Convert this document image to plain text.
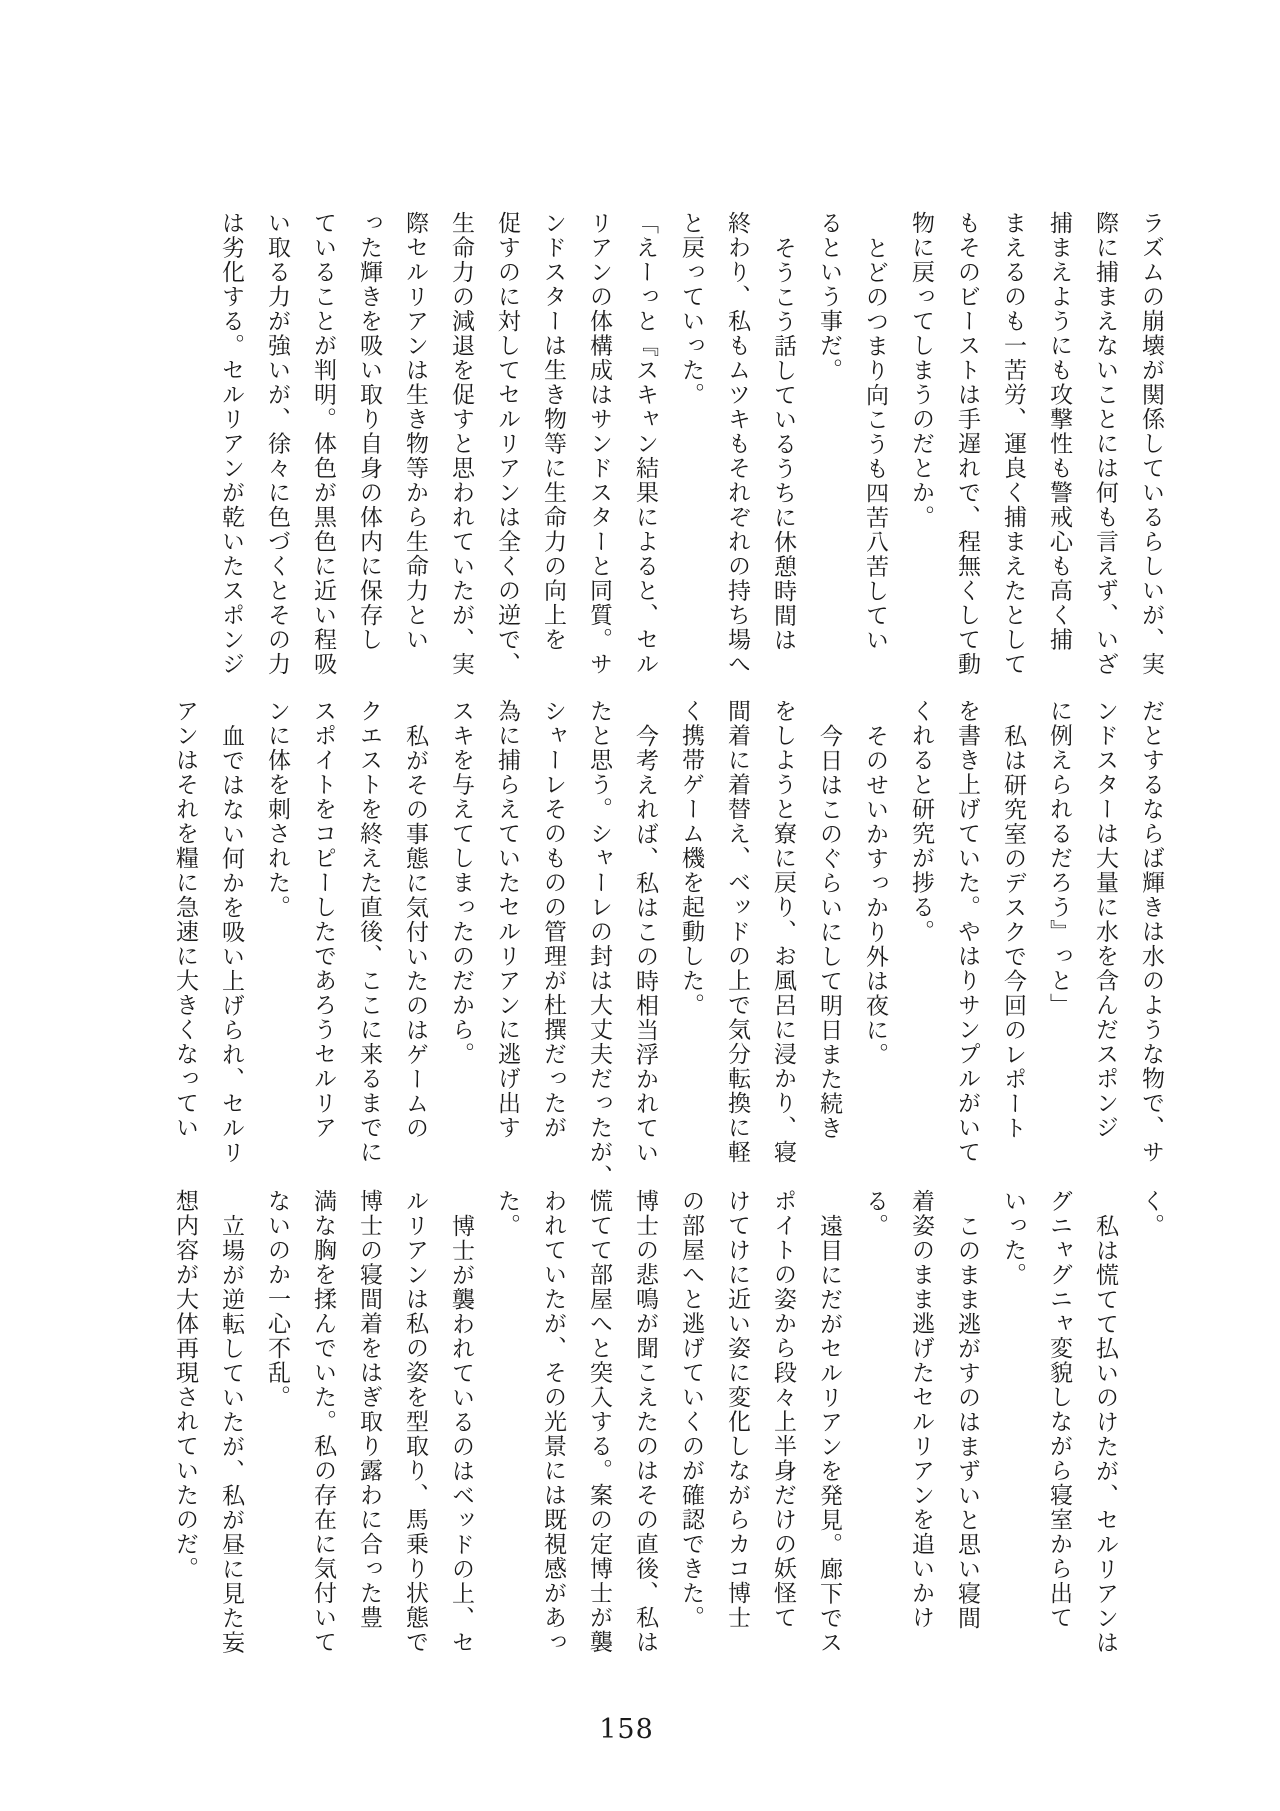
ラズムの崩壊が関係しているらしいが、実

際に捕まえないことには何も言えず、いざ

捕まえようにも攻撃性も警戒心も高く捕

まえるのも一苦労、運良く捕まえたとして

もそのビーストは手遅れで、程無くして動

物に戻ってしまうのだとか。

とどのつまり向こうも四苦八苦してい

るという事だ。

そうこう話しているうちに休憩時間は

終わり、私もムツキもそれぞれの持ち場へ

と戻っていった。

「えーっと『スキャン結果によると、セル

リアンの体構成はサンドスターと同質。サ

ンドスターは生き物等に生命力の向上を

促すのに対してセルリアンは全くの逆で、

生命力の減退を促すと思われていたが、実

際セルリアンは生き物等から生命力とい

った輝きを吸い取り自身の体内に保存し

ていることが判明。体色が黒色に近い程吸

い取る力が強いが、徐々に色づくとその力

は劣化する。セルリアンが乾いたスポンジ

だとするならば輝きは水のような物で、サ

ンドスターは大量に水を含んだスポンジ

に例えられるだろう』っと」

私は研究室のデスクで今回のレポート

を書き上げていた。やはりサンプルがいて

くれると研究が捗る。

そのせいかすっかり外は夜に。

今日はこのぐらいにして明日また続き

をしようと寮に戻り、お風呂に浸かり、寝

間着に着替え、ベッドの上で気分転換に軽

く携帯ゲーム機を起動した。

今考えれば、私はこの時相当浮かれてい

たと思う。シャーレの封は大丈夫だったが、

シャーレそのものの管理が杜撰だったが

為に捕らえていたセルリアンに逃げ出す

スキを与えてしまったのだから。

私がその事態に気付いたのはゲームの

クエストを終えた直後、ここに来るまでに

スポイトをコピーしたであろうセルリア

ンに体を刺された。

血ではない何かを吸い上げられ、セルリ

アンはそれを糧に急速に大きくなってい

く。

私は慌てて払いのけたが、セルリアンは

グニャグニャ変貌しながら寝室から出て

いった。

このまま逃がすのはまずいと思い寝間

着姿のまま逃げたセルリアンを追いかけ

る。

遠目にだがセルリアンを発見。廊下でス

ポイトの姿から段々上半身だけの妖怪て

けてけに近い姿に変化しながらカコ博士

の部屋へと逃げていくのが確認できた。

博士の悲鳴が聞こえたのはその直後、私は

慌てて部屋へと突入する。案の定博士が襲

われていたが、その光景には既視感があっ

た。

博士が襲われているのはベッドの上、セ

ルリアンは私の姿を型取り、馬乗り状態で

博士の寝間着をはぎ取り露わに合った豊

満な胸を揉んでいた。私の存在に気付いて

ないのか一心不乱。

立場が逆転していたが、私が昼に見た妄

想内容が大体再現されていたのだ。

158
